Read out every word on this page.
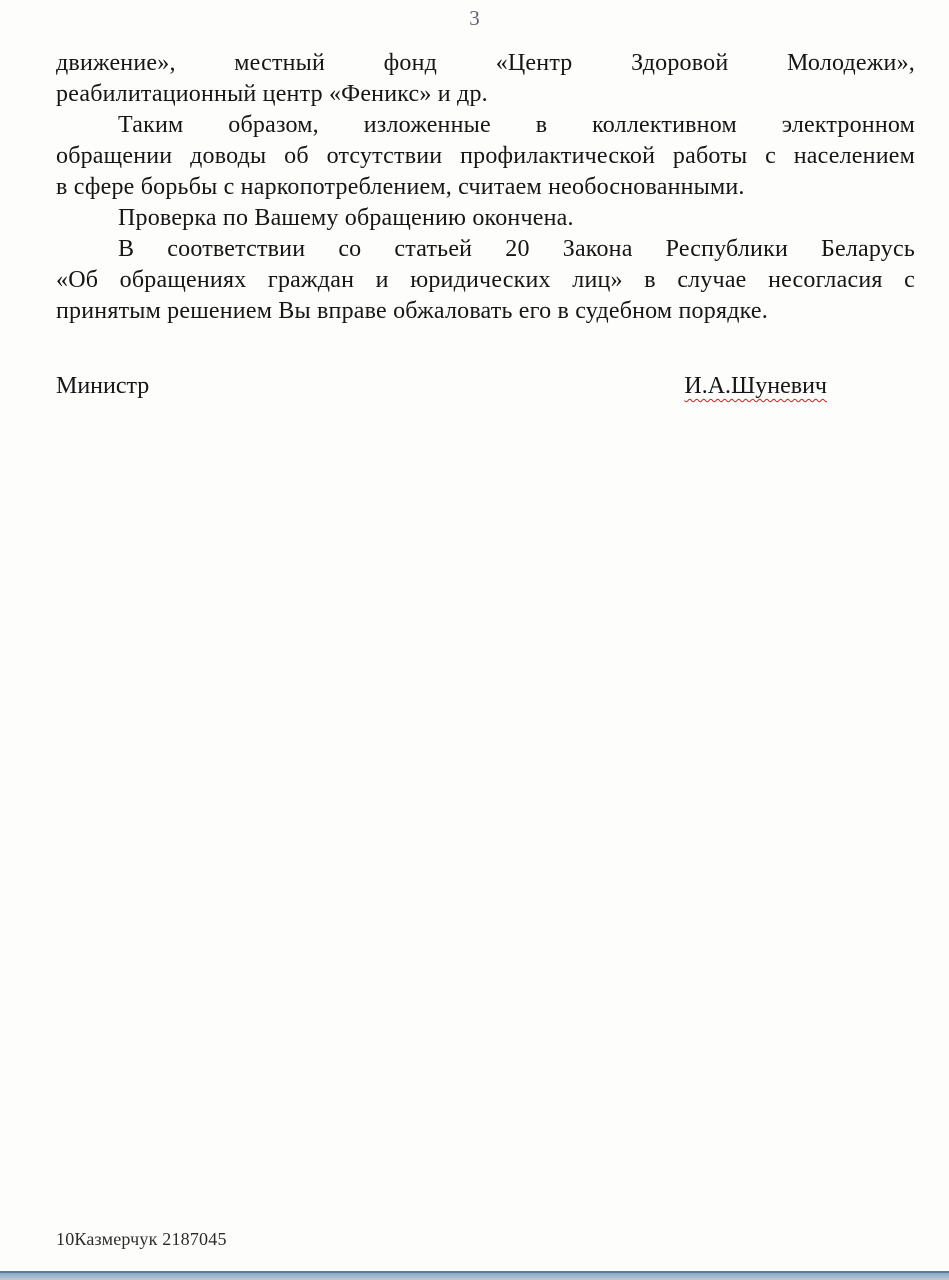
3
движение», местный фонд «Центр Здоровой Молодежи»,
реабилитационный центр «Феникс» и др.
Таким образом, изложенные в коллективном электронном
обращении доводы об отсутствии профилактической работы с населением
в сфере борьбы с наркопотреблением, считаем необоснованными.
Проверка по Вашему обращению окончена.
В соответствии со статьей 20 Закона Республики Беларусь
«Об обращениях граждан и юридических лиц» в случае несогласия с
принятым решением Вы вправе обжаловать его в судебном порядке.
Министр	И.А.Шуневич
10Казмерчук 2187045
